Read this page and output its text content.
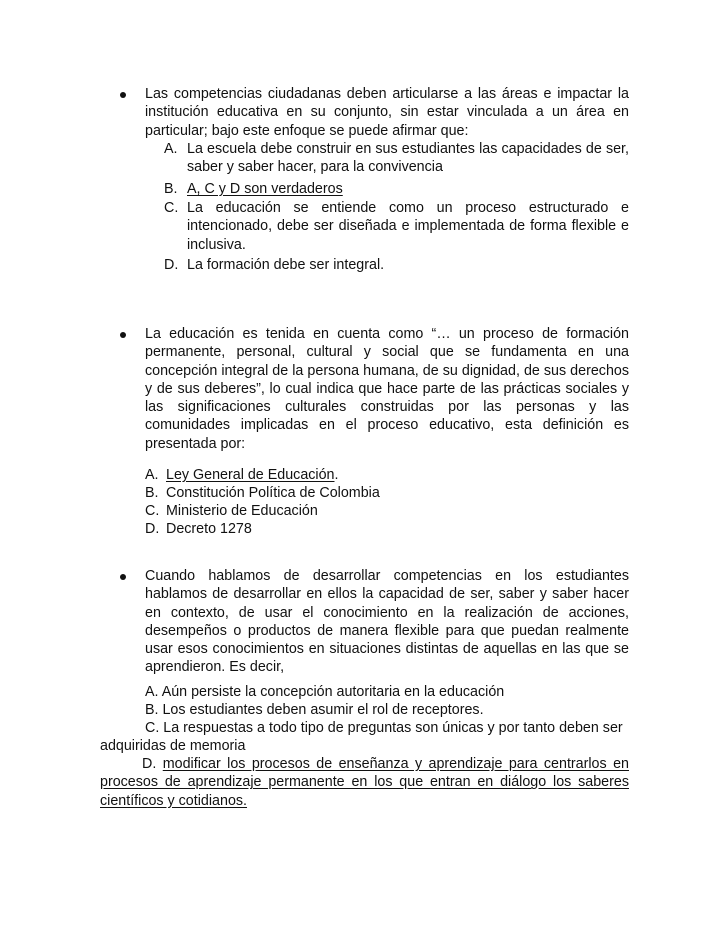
Las competencias ciudadanas deben articularse a las áreas e impactar la institución educativa en su conjunto, sin estar vinculada a un área en particular; bajo este enfoque se puede afirmar que:

A. La escuela debe construir en sus estudiantes las capacidades de ser, saber y saber hacer, para la convivencia
B. A, C y D son verdaderos
C. La educación se entiende como un proceso estructurado e intencionado, debe ser diseñada e implementada de forma flexible e inclusiva.
D. La formación debe ser integral.

La educación es tenida en cuenta como “… un proceso de formación permanente, personal, cultural y social que se fundamenta en una concepción integral de la persona humana, de su dignidad, de sus derechos y de sus deberes”, lo cual indica que hace parte de las prácticas sociales y las significaciones culturales construidas por las personas y las comunidades implicadas en el proceso educativo, esta definición es presentada por:

A. Ley General de Educación.
B. Constitución Política de Colombia
C. Ministerio de Educación
D. Decreto 1278

Cuando hablamos de desarrollar competencias en los estudiantes hablamos de desarrollar en ellos la capacidad de ser, saber y saber hacer en contexto, de usar el conocimiento en la realización de acciones, desempeños o productos de manera flexible para que puedan realmente usar esos conocimientos en situaciones distintas de aquellas en las que se aprendieron. Es decir,

A. Aún persiste la concepción autoritaria en la educación

B. Los estudiantes deben asumir el rol de receptores.

C. La respuestas a todo tipo de preguntas son únicas y por tanto deben ser

adquiridas de memoria

D. modificar los procesos de enseñanza y aprendizaje para centrarlos en procesos de aprendizaje permanente en los que entran en diálogo los saberes científicos y cotidianos.
